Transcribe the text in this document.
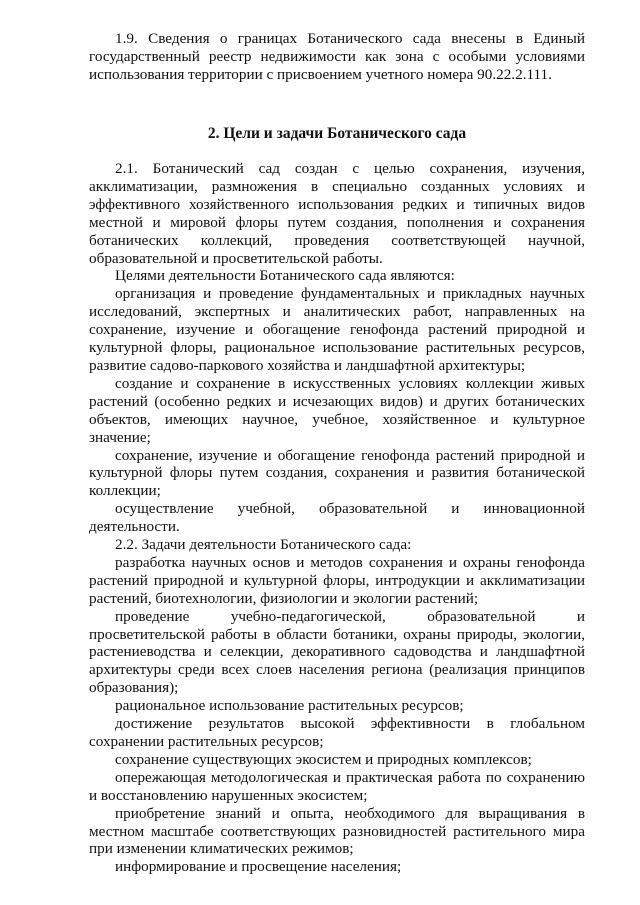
1.9. Сведения о границах Ботанического сада внесены в Единый государственный реестр недвижимости как зона с особыми условиями использования территории с присвоением учетного номера 90.22.2.111.

2. Цели и задачи Ботанического сада

2.1. Ботанический сад создан с целью сохранения, изучения, акклиматизации, размножения в специально созданных условиях и эффективного хозяйственного использования редких и типичных видов местной и мировой флоры путем создания, пополнения и сохранения ботанических коллекций, проведения соответствующей научной, образовательной и просветительской работы.

Целями деятельности Ботанического сада являются:

организация и проведение фундаментальных и прикладных научных исследований, экспертных и аналитических работ, направленных на сохранение, изучение и обогащение генофонда растений природной и культурной флоры, рациональное использование растительных ресурсов, развитие садово-паркового хозяйства и ландшафтной архитектуры;

создание и сохранение в искусственных условиях коллекции живых растений (особенно редких и исчезающих видов) и других ботанических объектов, имеющих научное, учебное, хозяйственное и культурное значение;

сохранение, изучение и обогащение генофонда растений природной и культурной флоры путем создания, сохранения и развития ботанической коллекции;

осуществление учебной, образовательной и инновационной деятельности.

2.2. Задачи деятельности Ботанического сада:

разработка научных основ и методов сохранения и охраны генофонда растений природной и культурной флоры, интродукции и акклиматизации растений, биотехнологии, физиологии и экологии растений;

проведение учебно-педагогической, образовательной и просветительской работы в области ботаники, охраны природы, экологии, растениеводства и селекции, декоративного садоводства и ландшафтной архитектуры среди всех слоев населения региона (реализация принципов образования);

рациональное использование растительных ресурсов;

достижение результатов высокой эффективности в глобальном сохранении растительных ресурсов;

сохранение существующих экосистем и природных комплексов;

опережающая методологическая и практическая работа по сохранению и восстановлению нарушенных экосистем;

приобретение знаний и опыта, необходимого для выращивания в местном масштабе соответствующих разновидностей растительного мира при изменении климатических режимов;

информирование и просвещение населения;
